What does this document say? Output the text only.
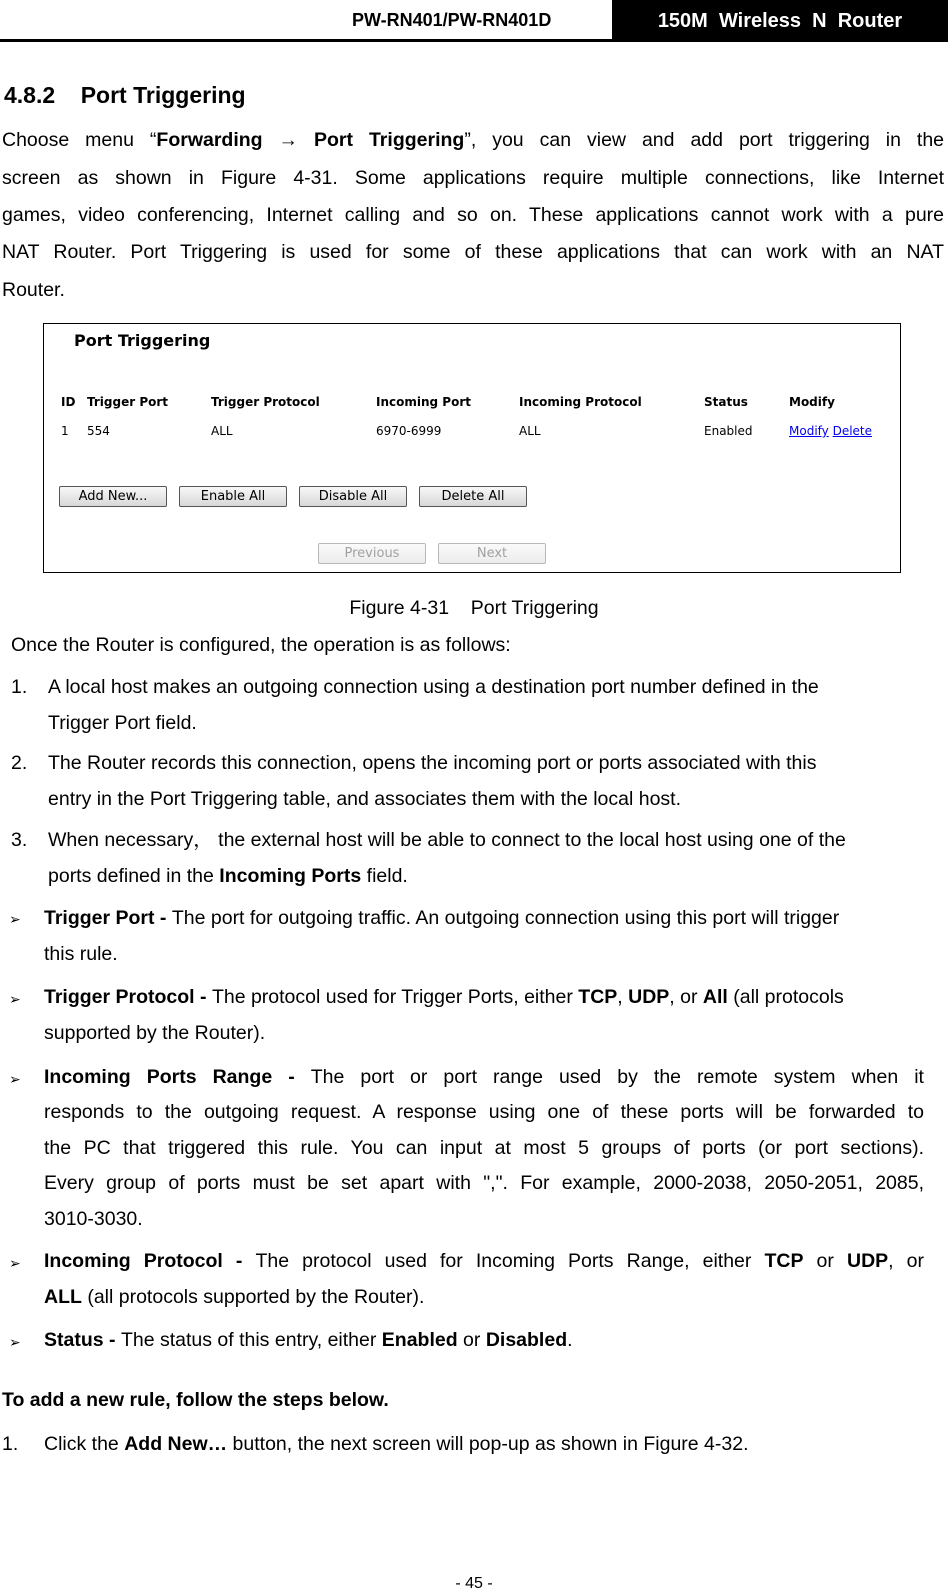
PW-RN401/PW-RN401D	150M  Wireless  N  Router
4.8.2 Port Triggering
Choose menu “Forwarding → Port Triggering”, you can view and add port triggering in the
screen as shown in Figure 4-31. Some applications require multiple connections, like Internet
games, video conferencing, Internet calling and so on. These applications cannot work with a pure
NAT Router. Port Triggering is used for some of these applications that can work with an NAT
Router.
Port Triggering
ID Trigger Port	Trigger Protocol	Incoming Port	Incoming Protocol	Status	Modify
1 554	ALL	6970-6999	ALL	Enabled	Modify Delete
Add New...	Enable All	Disable All	Delete All
Previous	Next
Figure 4-31    Port Triggering
Once the Router is configured, the operation is as follows:
1. A local host makes an outgoing connection using a destination port number defined in the
Trigger Port field.
2. The Router records this connection, opens the incoming port or ports associated with this
entry in the Port Triggering table, and associates them with the local host.
3. When necessary， the external host will be able to connect to the local host using one of the
ports defined in the Incoming Ports field.
➢ Trigger Port - The port for outgoing traffic. An outgoing connection using this port will trigger
this rule.
➢ Trigger Protocol - The protocol used for Trigger Ports, either TCP, UDP, or All (all protocols
supported by the Router).
➢ Incoming Ports Range - The port or port range used by the remote system when it
responds to the outgoing request. A response using one of these ports will be forwarded to
the PC that triggered this rule. You can input at most 5 groups of ports (or port sections).
Every group of ports must be set apart with ",". For example, 2000-2038, 2050-2051, 2085,
3010-3030.
➢ Incoming Protocol - The protocol used for Incoming Ports Range, either TCP or UDP, or
ALL (all protocols supported by the Router).
➢ Status - The status of this entry, either Enabled or Disabled.
To add a new rule, follow the steps below.
1. Click the Add New… button, the next screen will pop-up as shown in Figure 4-32.
- 45 -
